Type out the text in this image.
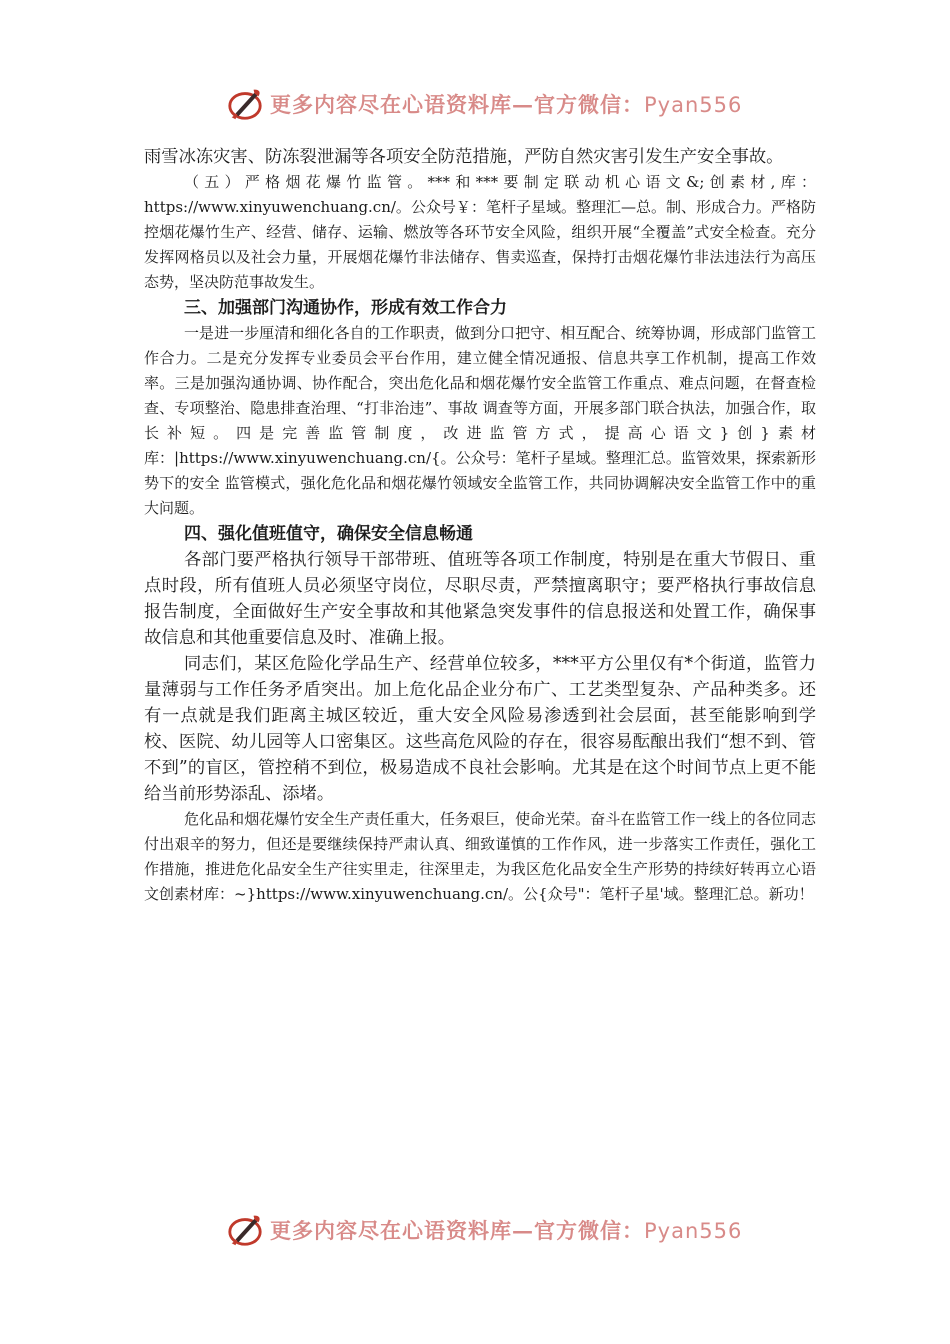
更多内容尽在心语资料库—官方微信：Pyan556

雨雪冰冻灾害、防冻裂泄漏等各项安全防范措施，严防自然灾害引发生产安全事故。

（五）严格烟花爆竹监管。***和***要制定联动机心语文&;创素材,库：https://www.xinyuwenchuang.cn/。公众号￥：笔杆子星域。整理汇—总。制、形成合力。严格防控烟花爆竹生产、经营、储存、运输、燃放等各环节安全风险，组织开展“全覆盖”式安全检查。充分发挥网格员以及社会力量，开展烟花爆竹非法储存、售卖巡查，保持打击烟花爆竹非法违法行为高压态势，坚决防范事故发生。

三、加强部门沟通协作，形成有效工作合力

一是进一步厘清和细化各自的工作职责，做到分口把守、相互配合、统筹协调，形成部门监管工作合力。二是充分发挥专业委员会平台作用，建立健全情况通报、信息共享工作机制，提高工作效率。三是加强沟通协调、协作配合，突出危化品和烟花爆竹安全监管工作重点、难点问题，在督查检查、专项整治、隐患排查治理、“打非治违”、事故 调查等方面，开展多部门联合执法，加强合作，取长补短。四是完善监管制度，改进监管方式，提高心语文}创}素材库：|https://www.xinyuwenchuang.cn/{。公众号：笔杆子星域。整理汇总。监管效果，探索新形势下的安全 监管模式，强化危化品和烟花爆竹领域安全监管工作，共同协调解决安全监管工作中的重大问题。

四、强化值班值守，确保安全信息畅通

各部门要严格执行领导干部带班、值班等各项工作制度，特别是在重大节假日、重点时段，所有值班人员必须坚守岗位，尽职尽责，严禁擅离职守；要严格执行事故信息报告制度，全面做好生产安全事故和其他紧急突发事件的信息报送和处置工作，确保事故信息和其他重要信息及时、准确上报。

同志们，某区危险化学品生产、经营单位较多，***平方公里仅有*个街道，监管力量薄弱与工作任务矛盾突出。加上危化品企业分布广、工艺类型复杂、产品种类多。还有一点就是我们距离主城区较近，重大安全风险易渗透到社会层面，甚至能影响到学校、医院、幼儿园等人口密集区。这些高危风险的存在，很容易酝酿出我们“想不到、管不到”的盲区，管控稍不到位，极易造成不良社会影响。尤其是在这个时间节点上更不能给当前形势添乱、添堵。

危化品和烟花爆竹安全生产责任重大，任务艰巨，使命光荣。奋斗在监管工作一线上的各位同志付出艰辛的努力，但还是要继续保持严肃认真、细致谨慎的工作作风，进一步落实工作责任，强化工作措施，推进危化品安全生产往实里走，往深里走，为我区危化品安全生产形势的持续好转再立心语文创素材库：~}https://www.xinyuwenchuang.cn/。公{众号"：笔杆子星'域。整理汇总。新功！

更多内容尽在心语资料库—官方微信：Pyan556
